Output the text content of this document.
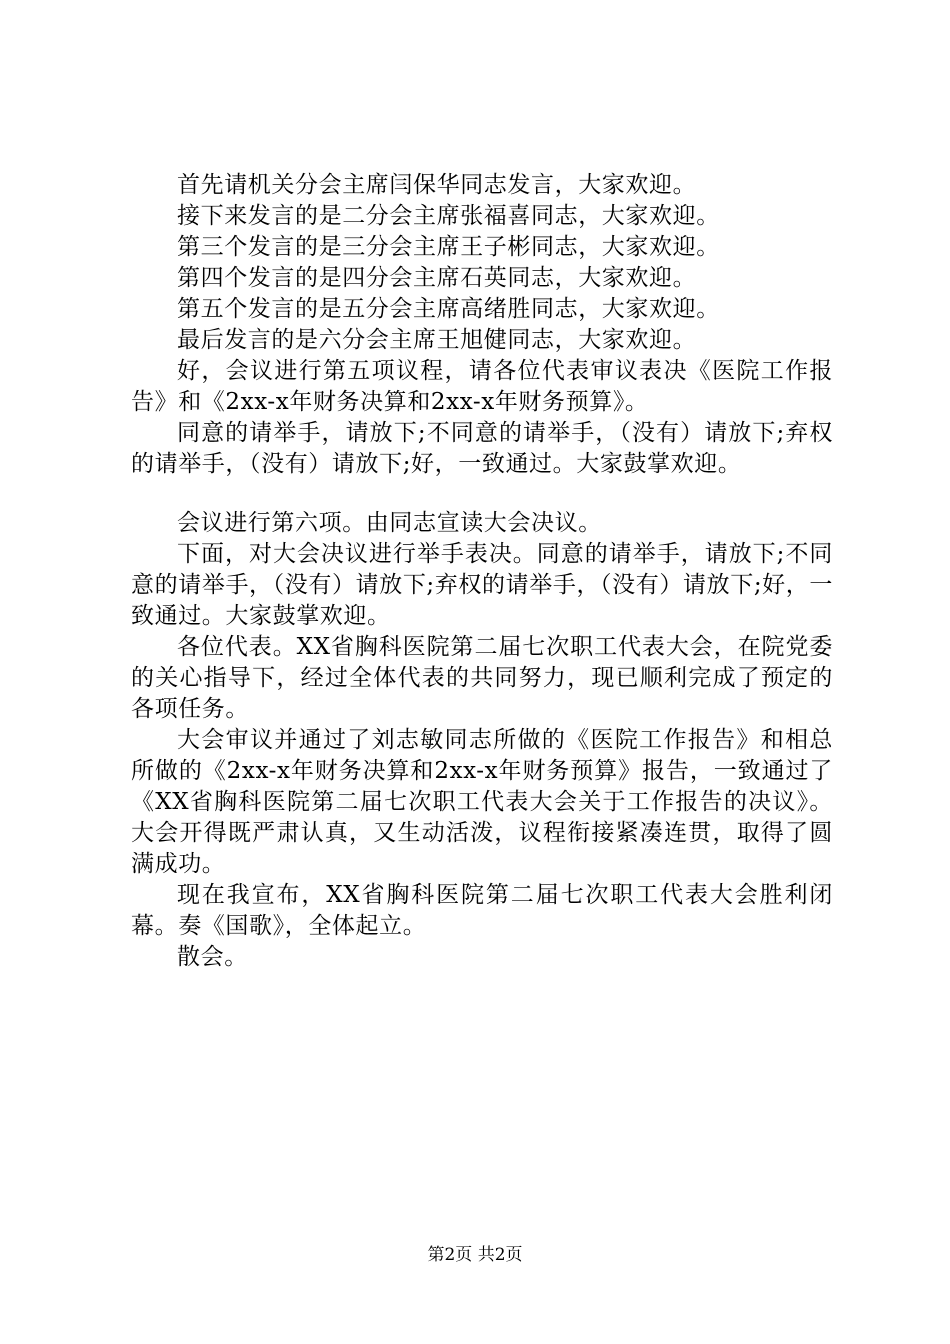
首先请机关分会主席闫保华同志发言，大家欢迎。

接下来发言的是二分会主席张福喜同志，大家欢迎。

第三个发言的是三分会主席王子彬同志，大家欢迎。

第四个发言的是四分会主席石英同志，大家欢迎。

第五个发言的是五分会主席高绪胜同志，大家欢迎。

最后发言的是六分会主席王旭健同志，大家欢迎。

好，会议进行第五项议程，请各位代表审议表决《医院工作报告》和《2xx-x年财务决算和2xx-x年财务预算》。

同意的请举手，请放下;不同意的请举手，（没有）请放下;弃权的请举手，（没有）请放下;好，一致通过。大家鼓掌欢迎。

会议进行第六项。由同志宣读大会决议。

下面，对大会决议进行举手表决。同意的请举手，请放下;不同意的请举手，（没有）请放下;弃权的请举手，（没有）请放下;好，一致通过。大家鼓掌欢迎。

各位代表。XX省胸科医院第二届七次职工代表大会，在院党委的关心指导下，经过全体代表的共同努力，现已顺利完成了预定的各项任务。

大会审议并通过了刘志敏同志所做的《医院工作报告》和相总所做的《2xx-x年财务决算和2xx-x年财务预算》报告，一致通过了《XX省胸科医院第二届七次职工代表大会关于工作报告的决议》。大会开得既严肃认真，又生动活泼，议程衔接紧凑连贯，取得了圆满成功。

现在我宣布，XX省胸科医院第二届七次职工代表大会胜利闭幕。奏《国歌》，全体起立。

散会。

第2页 共2页
